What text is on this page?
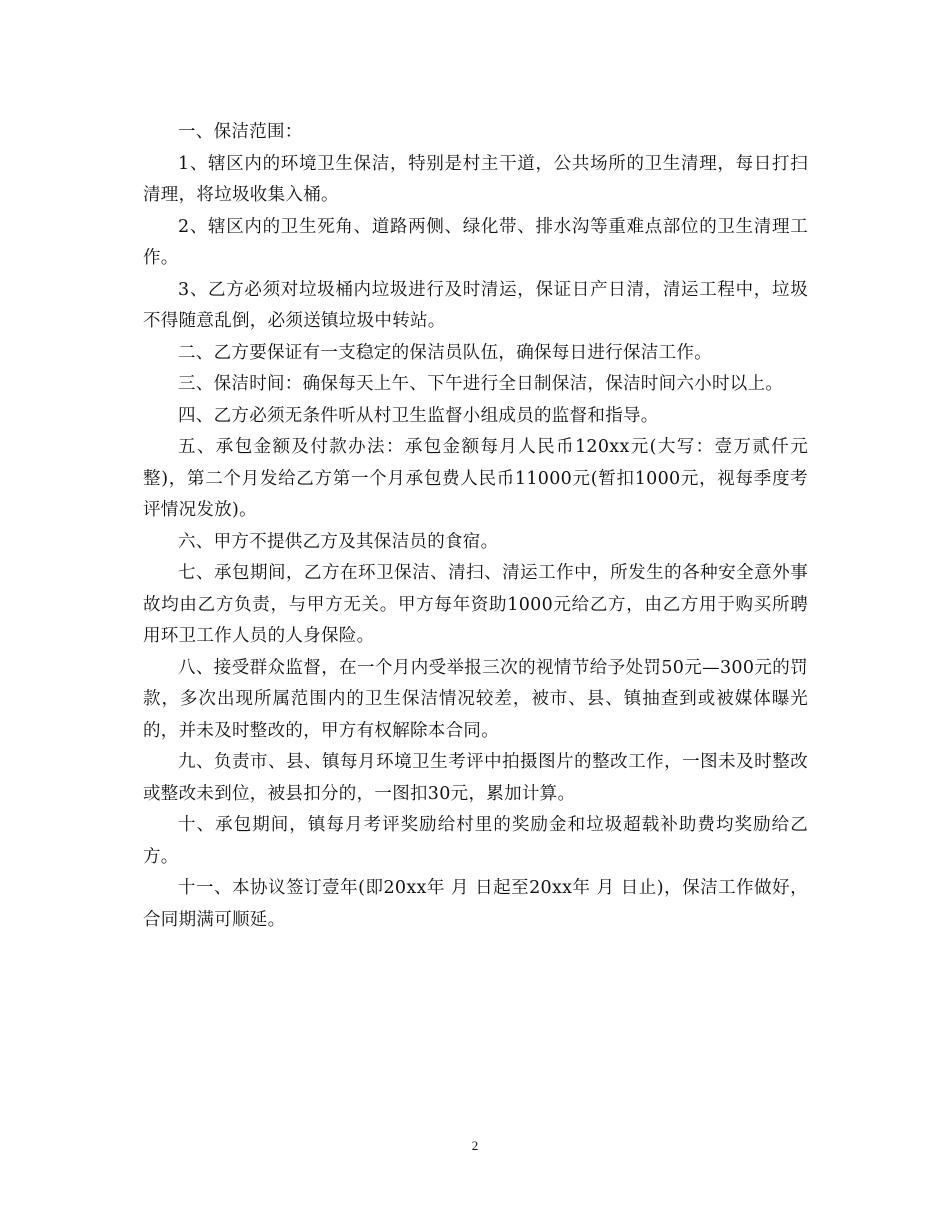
一、保洁范围：

1、辖区内的环境卫生保洁，特别是村主干道，公共场所的卫生清理，每日打扫清理，将垃圾收集入桶。

2、辖区内的卫生死角、道路两侧、绿化带、排水沟等重难点部位的卫生清理工作。

3、乙方必须对垃圾桶内垃圾进行及时清运，保证日产日清，清运工程中，垃圾不得随意乱倒，必须送镇垃圾中转站。

二、乙方要保证有一支稳定的保洁员队伍，确保每日进行保洁工作。

三、保洁时间：确保每天上午、下午进行全日制保洁，保洁时间六小时以上。

四、乙方必须无条件听从村卫生监督小组成员的监督和指导。

五、承包金额及付款办法：承包金额每月人民币120xx元(大写：壹万贰仟元整)，第二个月发给乙方第一个月承包费人民币11000元(暂扣1000元，视每季度考评情况发放)。

六、甲方不提供乙方及其保洁员的食宿。

七、承包期间，乙方在环卫保洁、清扫、清运工作中，所发生的各种安全意外事故均由乙方负责，与甲方无关。甲方每年资助1000元给乙方，由乙方用于购买所聘用环卫工作人员的人身保险。

八、接受群众监督，在一个月内受举报三次的视情节给予处罚50元—300元的罚款，多次出现所属范围内的卫生保洁情况较差，被市、县、镇抽查到或被媒体曝光的，并未及时整改的，甲方有权解除本合同。

九、负责市、县、镇每月环境卫生考评中拍摄图片的整改工作，一图未及时整改或整改未到位，被县扣分的，一图扣30元，累加计算。

十、承包期间，镇每月考评奖励给村里的奖励金和垃圾超载补助费均奖励给乙方。

十一、本协议签订壹年(即20xx年 月 日起至20xx年 月 日止)，保洁工作做好，合同期满可顺延。

2
